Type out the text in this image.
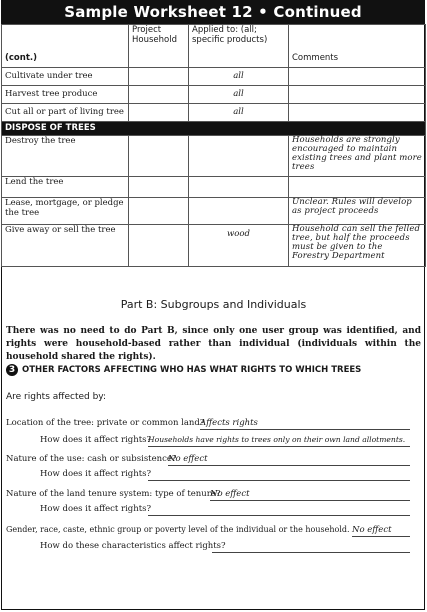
Sample Worksheet 12 • Continued
(cont.)	Project Household	Applied to: (all; specific products)	Comments
Cultivate under tree		all	
Harvest tree produce		all	
Cut all or part of living tree		all	
DISPOSE OF TREES			
Destroy the tree			Households are strongly encouraged to maintain existing trees and plant more trees
Lend the tree			
Lease, mortgage, or pledge the tree			Unclear. Rules will develop as project proceeds
Give away or sell the tree		wood	Household can sell the felled tree, but half the proceeds must be given to the Forestry Department
Part B: Subgroups and Individuals
There was no need to do Part B, since only one user group was identified, and rights were household-based rather than individual (individuals within the household shared the rights).
3 OTHER FACTORS AFFECTING WHO HAS WHAT RIGHTS TO WHICH TREES
Are rights affected by:
Location of the tree: private or common land?
Affects rights
How does it affect rights?
Households have rights to trees only on their own land allotments.
Nature of the use: cash or subsistence?
No effect
How does it affect rights?
Nature of the land tenure system: type of tenure?
No effect
How does it affect rights?
Gender, race, caste, ethnic group or poverty level of the individual or the household. No effect
How do these characteristics affect rights?
